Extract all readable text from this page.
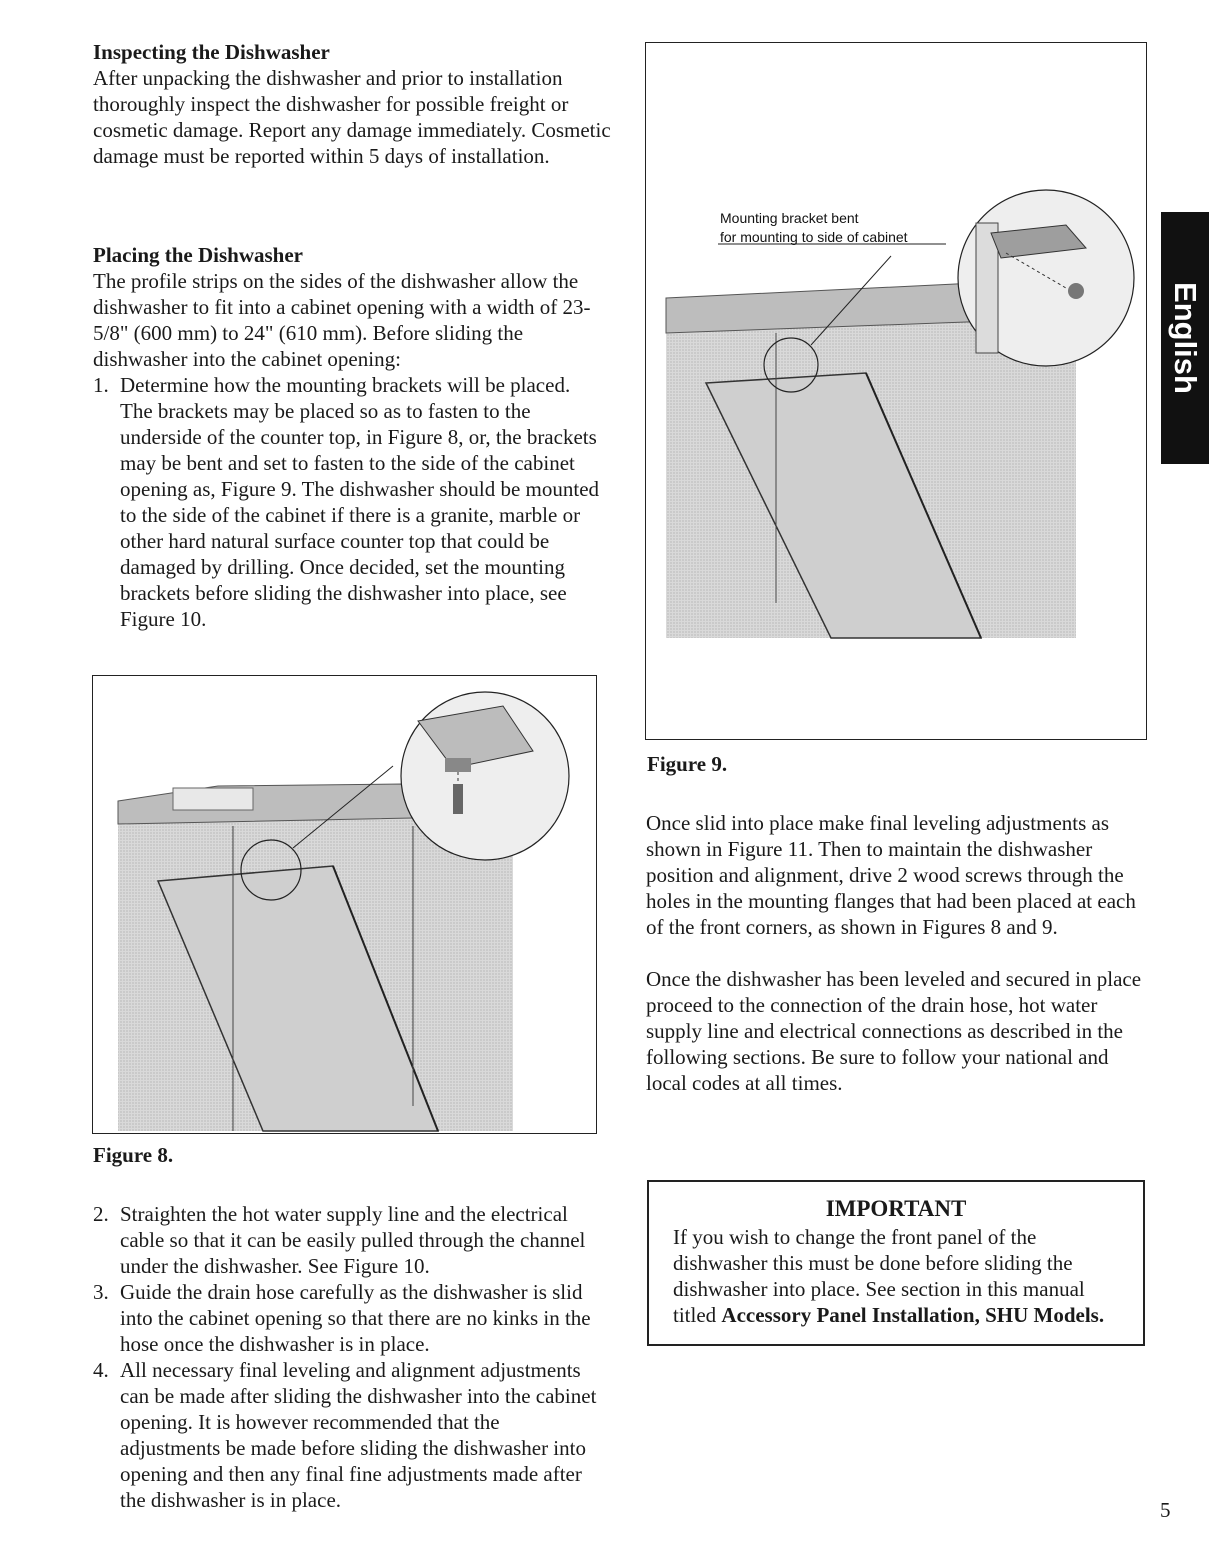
Inspecting the Dishwasher

After unpacking the dishwasher and prior to installation thoroughly inspect the dishwasher for possible freight or cosmetic damage. Report any damage immediately. Cosmetic damage must be reported within 5 days of installation.

Placing the Dishwasher

The profile strips on the sides of the dishwasher allow the dishwasher to fit into a cabinet opening with a width of 23-5/8" (600 mm) to 24" (610 mm). Before sliding the dishwasher into the cabinet opening:

1. Determine how the mounting brackets will be placed. The brackets may be placed so as to fasten to the underside of the counter top, in Figure 8, or, the brackets may be bent and set to fasten to the side of the cabinet opening as, Figure 9. The dishwasher should be mounted to the side of the cabinet if there is a granite, marble or other hard natural surface counter top that could be damaged by drilling. Once decided, set the mounting brackets before sliding the dishwasher into place, see Figure 10.
Figure 8.
2. Straighten the hot water supply line and the electrical cable so that it can be easily pulled through the channel under the dishwasher. See Figure 10.
3. Guide the drain hose carefully as the dishwasher is slid into the cabinet opening so that there are no kinks in the hose once the dishwasher is in place.
4. All necessary final leveling and alignment adjustments can be made after sliding the dishwasher into the cabinet opening. It is however recommended that the adjustments be made before sliding the dishwasher into opening and then any final fine adjustments made after the dishwasher is in place.
Mounting bracket bent
for mounting to side of cabinet
Figure 9.

Once slid into place make final leveling adjustments as shown in Figure 11. Then to maintain the dishwasher position and alignment, drive 2 wood screws through the holes in the mounting flanges that had been placed at each of the front corners, as shown in Figures 8 and 9.

Once the dishwasher has been leveled and secured in place proceed to the connection of the drain hose, hot water supply line and electrical connections as described in the following sections. Be sure to follow your national and local codes at all times.

IMPORTANT
If you wish to change the front panel of the dishwasher this must be done before sliding the dishwasher into place. See section in this manual titled Accessory Panel Installation, SHU Models.
English
5
